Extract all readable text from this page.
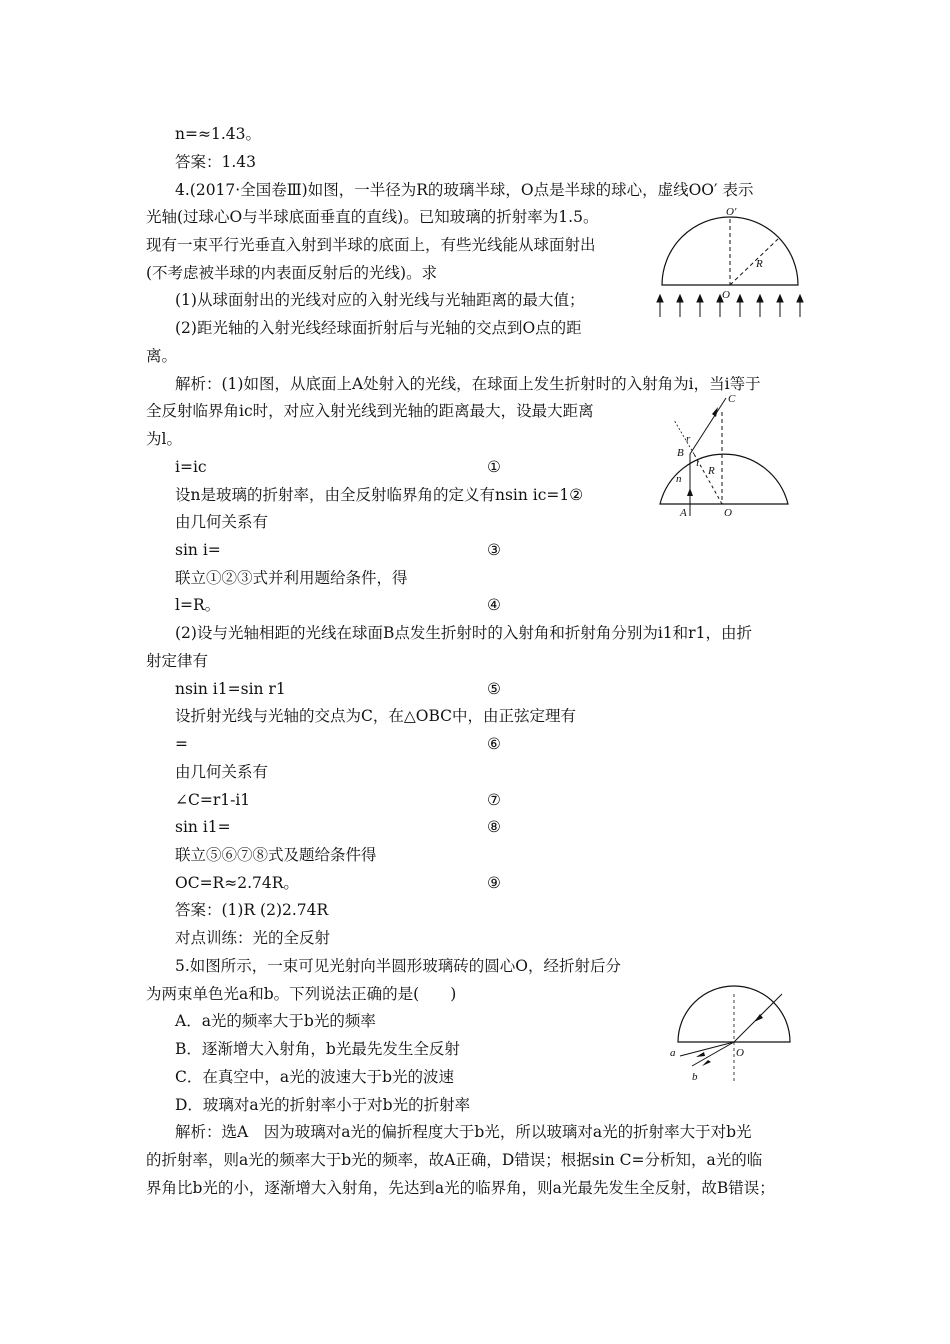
n=≈1.43。
答案：1.43
4.(2017·全国卷Ⅲ)如图，一半径为R的玻璃半球，O点是半球的球心，虚线OO′ 表示
光轴(过球心O与半球底面垂直的直线)。已知玻璃的折射率为1.5。
现有一束平行光垂直入射到半球的底面上，有些光线能从球面射出
(不考虑被半球的内表面反射后的光线)。求
(1)从球面射出的光线对应的入射光线与光轴距离的最大值；
(2)距光轴的入射光线经球面折射后与光轴的交点到O点的距
离。
解析：(1)如图，从底面上A处射入的光线，在球面上发生折射时的入射角为i，当i等于
全反射临界角ic时，对应入射光线到光轴的距离最大，设最大距离
为l。
i=ic
设n是玻璃的折射率，由全反射临界角的定义有nsin ic=1②
由几何关系有
sin i=
联立①②③式并利用题给条件，得
l=R。
(2)设与光轴相距的光线在球面B点发生折射时的入射角和折射角分别为i1和r1，由折
射定律有
nsin i1=sin r1
设折射光线与光轴的交点为C，在△OBC中，由正弦定理有
=
由几何关系有
∠C=r1-i1
sin i1=
联立⑤⑥⑦⑧式及题给条件得
OC=R≈2.74R。
答案：(1)R (2)2.74R
对点训练：光的全反射
5.如图所示，一束可见光射向半圆形玻璃砖的圆心O，经折射后分
为两束单色光a和b。下列说法正确的是(　　)
A．a光的频率大于b光的频率
B．逐渐增大入射角，b光最先发生全反射
C．在真空中，a光的波速大于b光的波速
D．玻璃对a光的折射率小于对b光的折射率
解析：选A　因为玻璃对a光的偏折程度大于b光，所以玻璃对a光的折射率大于对b光
的折射率，则a光的频率大于b光的频率，故A正确，D错误；根据sin C=分析知，a光的临
界角比b光的小，逐渐增大入射角，先达到a光的临界角，则a光最先发生全反射，故B错误；
①
③
④
⑤
⑥
⑦
⑧
⑨
O′
R
O
C
B
r
i
n
R
A	O
O
a
b
